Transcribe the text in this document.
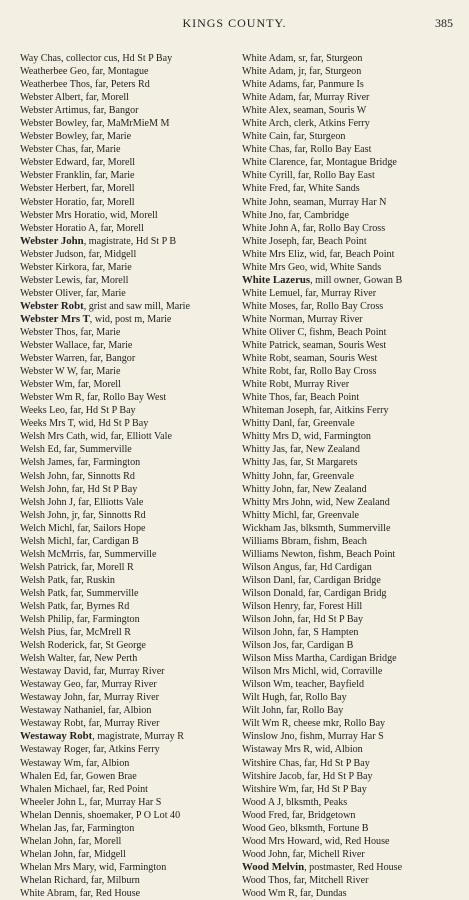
KINGS COUNTY.	385
Way Chas, collector cus, Hd St P Bay
Weatherbee Geo, far, Montague
Weatherbee Thos, far, Peters Rd
Webster Albert, far, Morell
Webster Artimus, far, Bangor
Webster Bowley, far, MaMrMieM M
Webster Bowley, far, Marie
Webster Chas, far, Marie
Webster Edward, far, Morell
Webster Franklin, far, Marie
Webster Herbert, far, Morell
Webster Horatio, far, Morell
Webster Mrs Horatio, wid, Morell
Webster Horatio A, far, Morell
Webster John, magistrate, Hd St P B
Webster Judson, far, Midgell
Webster Kirkora, far, Marie
Webster Lewis, far, Morell
Webster Oliver, far, Marie
Webster Robt, grist and saw mill, Marie
Webster Mrs T, wid, post m, Marie
Webster Thos, far, Marie
Webster Wallace, far, Marie
Webster Warren, far, Bangor
Webster W W, far, Marie
Webster Wm, far, Morell
Webster Wm R, far, Rollo Bay West
Weeks Leo, far, Hd St P Bay
Weeks Mrs T, wid, Hd St P Bay
Welsh Mrs Cath, wid, far, Elliott Vale
Welsh Ed, far, Summerville
Welsh James, far, Farmington
Welsh John, far, Sinnotts Rd
Welsh John, far, Hd St P Bay
Welsh John J, far, Elliotts Vale
Welsh John, jr, far, Sinnotts Rd
Welch Michl, far, Sailors Hope
Welsh Michl, far, Cardigan B
Welsh McMrris, far, Summerville
Welsh Patrick, far, Morell R
Welsh Patk, far, Ruskin
Welsh Patk, far, Summerville
Welsh Patk, far, Byrnes Rd
Welsh Philip, far, Farmington
Welsh Pius, far, McMrell R
Welsh Roderick, far, St George
Welsh Walter, far, New Perth
Westaway David, far, Murray River
Westaway Geo, far, Murray River
Westaway John, far, Murray River
Westaway Nathaniel, far, Albion
Westaway Robt, far, Murray River
Westaway Robt, magistrate, Murray R
Westaway Roger, far, Atkins Ferry
Westaway Wm, far, Albion
Whalen Ed, far, Gowen Brae
Whalen Michael, far, Red Point
Wheeler John L, far, Murray Har S
Whelan Dennis, shoemaker, P O Lot 40
Whelan Jas, far, Farmington
Whelan John, far, Morell
Whelan John, far, Midgell
Whelan Mrs Mary, wid, Farmington
Whelan Richard, far, Milburn
White Abram, far, Red House
White Adam, sr, far, Sturgeon
White Adam, jr, far, Sturgeon
White Adams, far, Panmure Is
White Adam, far, Murray River
White Alex, seaman, Souris W
White Arch, clerk, Atkins Ferry
White Cain, far, Sturgeon
White Chas, far, Rollo Bay East
White Clarence, far, Montague Bridge
White Cyrill, far, Rollo Bay East
White Fred, far, White Sands
White John, seaman, Murray Har N
White Jno, far, Cambridge
White John A, far, Rollo Bay Cross
White Joseph, far, Beach Point
White Mrs Eliz, wid, far, Beach Point
White Mrs Geo, wid, White Sands
White Lazerus, mill owner, Gowan B
White Lemuel, far, Murray River
White Moses, far, Rollo Bay Cross
White Norman, Murray River
White Oliver C, fishm, Beach Point
White Patrick, seaman, Souris West
White Robt, seaman, Souris West
White Robt, far, Rollo Bay Cross
White Robt, Murray River
White Thos, far, Beach Point
Whiteman Joseph, far, Aitkins Ferry
Whitty Danl, far, Greenvale
Whitty Mrs D, wid, Farmington
Whitty Jas, far, New Zealand
Whitty Jas, far, St Margarets
Whitty John, far, Greenvale
Whitty John, far, New Zealand
Whitty Mrs John, wid, New Zealand
Whitty Michl, far, Greenvale
Wickham Jas, blksmth, Summerville
Williams Bbram, fishm, Beach
Williams Newton, fishm, Beach Point
Wilson Angus, far, Hd Cardigan
Wilson Danl, far, Cardigan Bridge
Wilson Donald, far, Cardigan Bridg
Wilson Henry, far, Forest Hill
Wilson John, far, Hd St P Bay
Wilson John, far, S Hampten
Wilson Jos, far, Cardigan B
Wilson Miss Martha, Cardigan Bridge
Wilson Mrs Michl, wid, Corraville
Wilson Wm, teacher, Bayfield
Wilt Hugh, far, Rollo Bay
Wilt John, far, Rollo Bay
Wilt Wm R, cheese mkr, Rollo Bay
Winslow Jno, fishm, Murray Har S
Wistaway Mrs R, wid, Albion
Witshire Chas, far, Hd St P Bay
Witshire Jacob, far, Hd St P Bay
Witshire Wm, far, Hd St P Bay
Wood A J, blksmth, Peaks
Wood Fred, far, Bridgetown
Wood Geo, blksmth, Fortune B
Wood Mrs Howard, wid, Red House
Wood John, far, Michell River
Wood Melvin, postmaster, Red House
Wood Thos, far, Mitchell River
Wood Wm R, far, Dundas
